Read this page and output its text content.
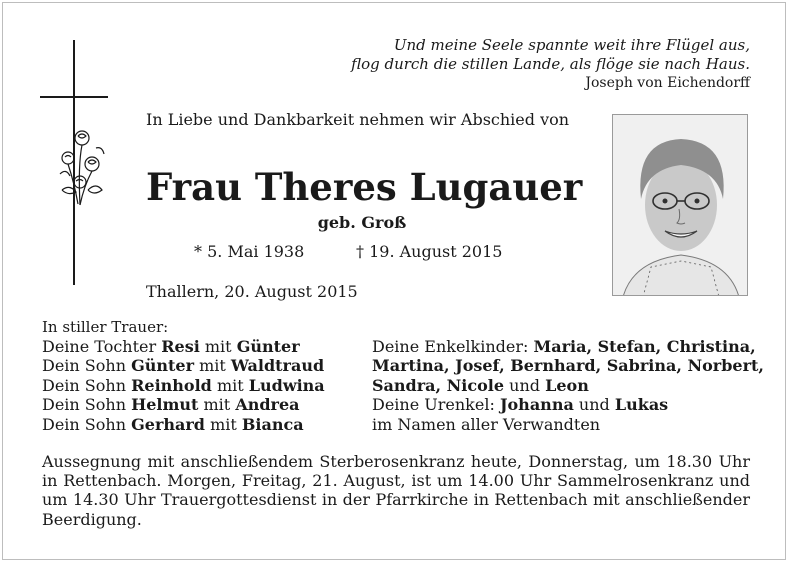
Und meine Seele spannte weit ihre Flügel aus,
flog durch die stillen Lande, als flöge sie nach Haus.
Joseph von Eichendorff
In Liebe und Dankbarkeit nehmen wir Abschied von
Frau Theres Lugauer
geb. Groß
* 5. Mai 1938	† 19. August 2015
Thallern, 20. August 2015
In stiller Trauer:
Deine Tochter Resi mit Günter
Dein Sohn Günter mit Waldtraud
Dein Sohn Reinhold mit Ludwina
Dein Sohn Helmut mit Andrea
Dein Sohn Gerhard mit Bianca
Deine Enkelkinder: Maria, Stefan, Christina,
Martina, Josef, Bernhard, Sabrina, Norbert,
Sandra, Nicole und Leon
Deine Urenkel: Johanna und Lukas
im Namen aller Verwandten
Aussegnung mit anschließendem Sterberosenkranz heute, Donnerstag, um 18.30 Uhr in Rettenbach. Morgen, Freitag, 21. August, ist um 14.00 Uhr Sammelrosenkranz und um 14.30 Uhr Trauergottesdienst in der Pfarrkirche in Rettenbach mit anschließender Beerdigung.
